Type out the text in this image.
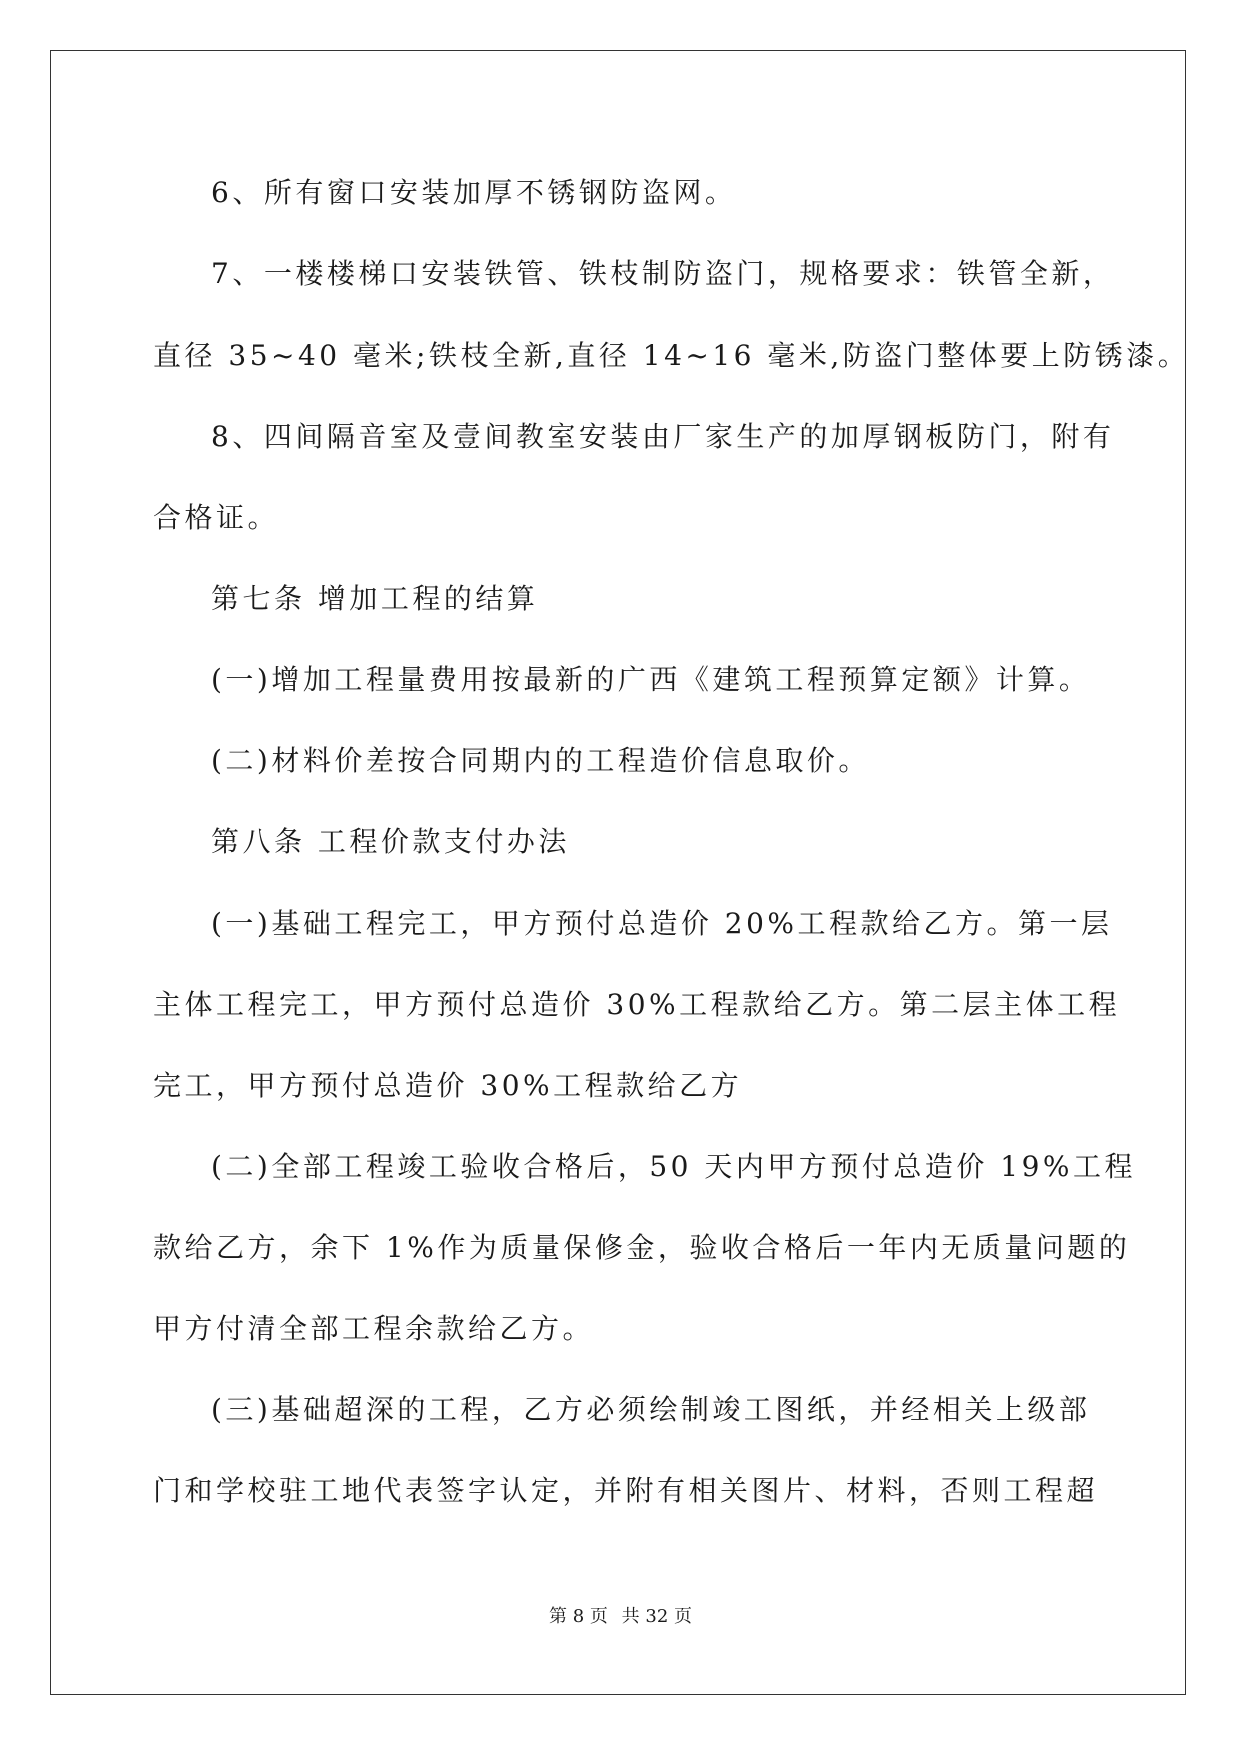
6、所有窗口安装加厚不锈钢防盗网。
7、一楼楼梯口安装铁管、铁枝制防盗门，规格要求：铁管全新，
直径 35~40 毫米;铁枝全新,直径 14~16 毫米,防盗门整体要上防锈漆。
8、四间隔音室及壹间教室安装由厂家生产的加厚钢板防门，附有
合格证。
第七条 增加工程的结算
(一)增加工程量费用按最新的广西《建筑工程预算定额》计算。
(二)材料价差按合同期内的工程造价信息取价。
第八条 工程价款支付办法
(一)基础工程完工，甲方预付总造价 20%工程款给乙方。第一层
主体工程完工，甲方预付总造价 30%工程款给乙方。第二层主体工程
完工，甲方预付总造价 30%工程款给乙方
(二)全部工程竣工验收合格后，50 天内甲方预付总造价 19%工程
款给乙方，余下 1%作为质量保修金，验收合格后一年内无质量问题的
甲方付清全部工程余款给乙方。
(三)基础超深的工程，乙方必须绘制竣工图纸，并经相关上级部
门和学校驻工地代表签字认定，并附有相关图片、材料，否则工程超
第 8 页 共 32 页
